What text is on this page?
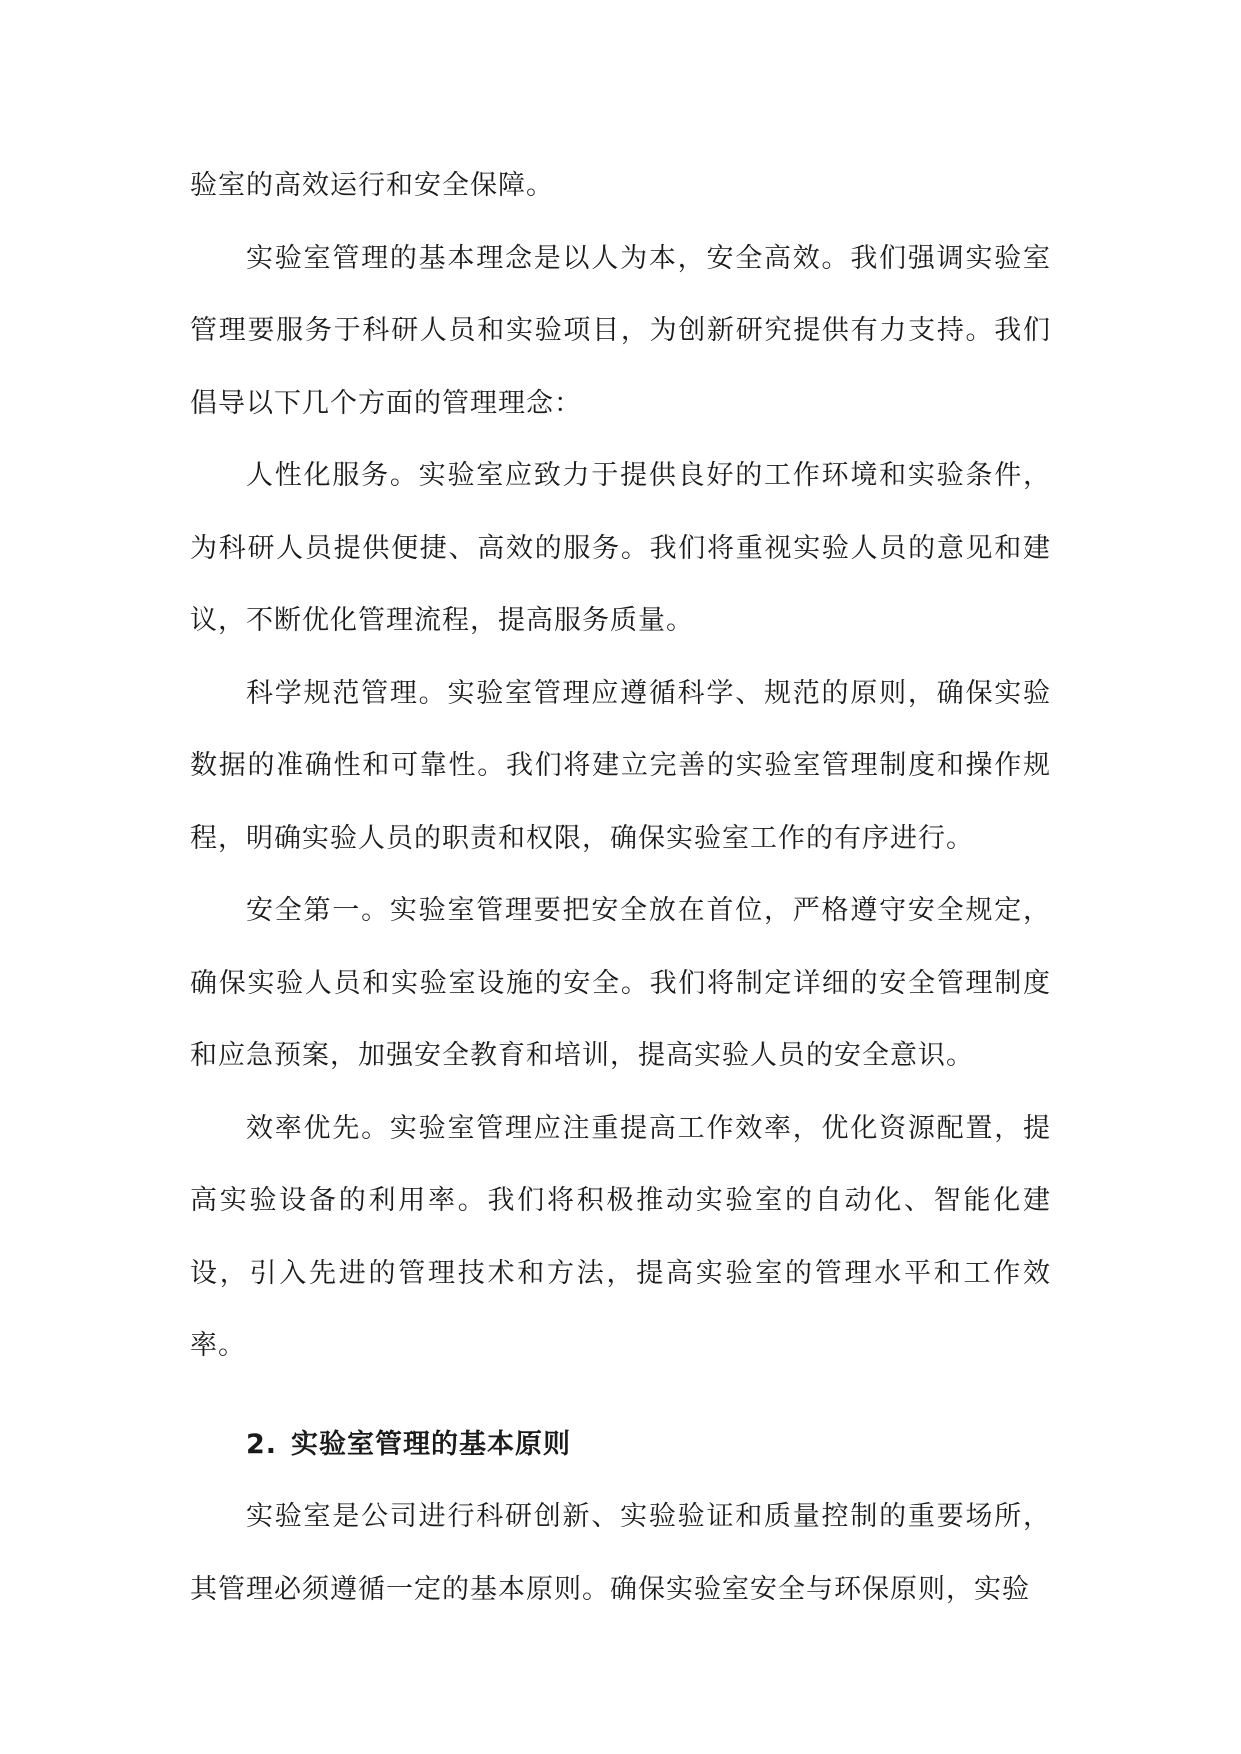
验室的高效运行和安全保障。

实验室管理的基本理念是以人为本，安全高效。我们强调实验室管理要服务于科研人员和实验项目，为创新研究提供有力支持。我们倡导以下几个方面的管理理念：

人性化服务。实验室应致力于提供良好的工作环境和实验条件，为科研人员提供便捷、高效的服务。我们将重视实验人员的意见和建议，不断优化管理流程，提高服务质量。

科学规范管理。实验室管理应遵循科学、规范的原则，确保实验数据的准确性和可靠性。我们将建立完善的实验室管理制度和操作规程，明确实验人员的职责和权限，确保实验室工作的有序进行。

安全第一。实验室管理要把安全放在首位，严格遵守安全规定，确保实验人员和实验室设施的安全。我们将制定详细的安全管理制度和应急预案，加强安全教育和培训，提高实验人员的安全意识。

效率优先。实验室管理应注重提高工作效率，优化资源配置，提高实验设备的利用率。我们将积极推动实验室的自动化、智能化建设，引入先进的管理技术和方法，提高实验室的管理水平和工作效率。

2. 实验室管理的基本原则

实验室是公司进行科研创新、实验验证和质量控制的重要场所，其管理必须遵循一定的基本原则。确保实验室安全与环保原则，实验
